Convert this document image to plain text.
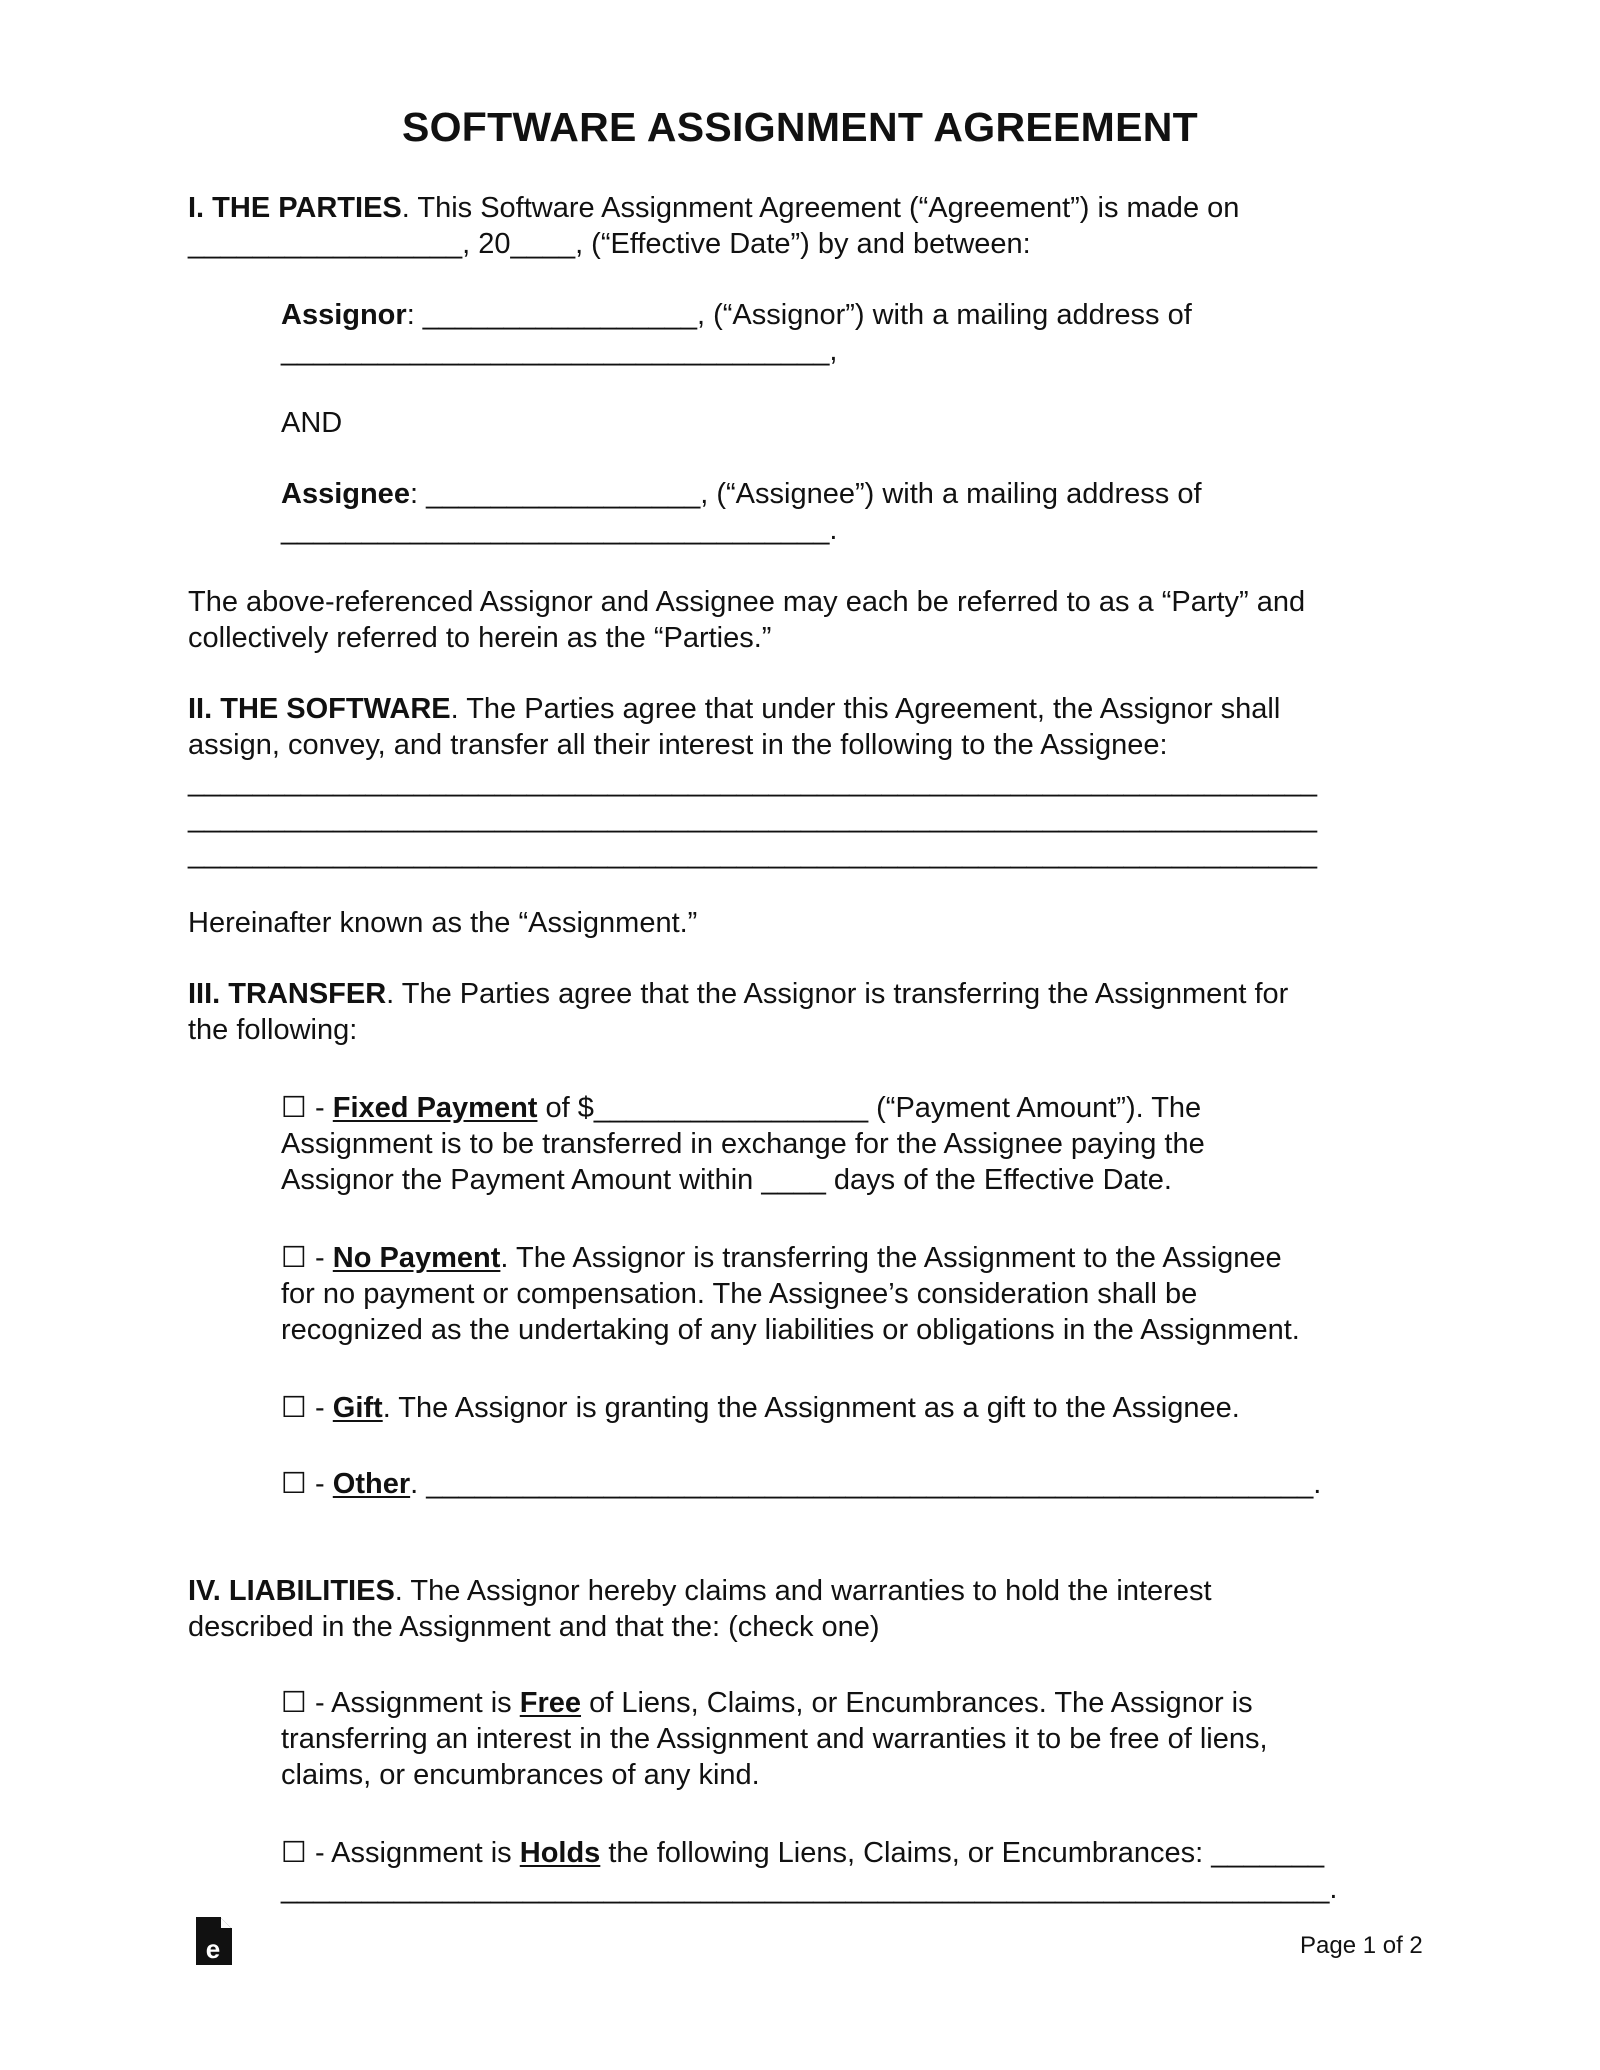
SOFTWARE ASSIGNMENT AGREEMENT
I. THE PARTIES. This Software Assignment Agreement (“Agreement”) is made on
_________________, 20____, (“Effective Date”) by and between:
Assignor: _________________, (“Assignor”) with a mailing address of
__________________________________,
AND
Assignee: _________________, (“Assignee”) with a mailing address of
__________________________________.
The above-referenced Assignor and Assignee may each be referred to as a “Party” and
collectively referred to herein as the “Parties.”
II. THE SOFTWARE. The Parties agree that under this Agreement, the Assignor shall
assign, convey, and transfer all their interest in the following to the Assignee:
______________________________________________________________________
______________________________________________________________________
______________________________________________________________________
Hereinafter known as the “Assignment.”
III. TRANSFER. The Parties agree that the Assignor is transferring the Assignment for
the following:
☐ - Fixed Payment of $_________________ (“Payment Amount”). The
Assignment is to be transferred in exchange for the Assignee paying the
Assignor the Payment Amount within ____ days of the Effective Date.
☐ - No Payment. The Assignor is transferring the Assignment to the Assignee
for no payment or compensation. The Assignee’s consideration shall be
recognized as the undertaking of any liabilities or obligations in the Assignment.
☐ - Gift. The Assignor is granting the Assignment as a gift to the Assignee.
☐ - Other. _______________________________________________________.
IV. LIABILITIES. The Assignor hereby claims and warranties to hold the interest
described in the Assignment and that the: (check one)
☐ - Assignment is Free of Liens, Claims, or Encumbrances. The Assignor is
transferring an interest in the Assignment and warranties it to be free of liens,
claims, or encumbrances of any kind.
☐ - Assignment is Holds the following Liens, Claims, or Encumbrances: _______
_________________________________________________________________.
e	Page 1 of 2
